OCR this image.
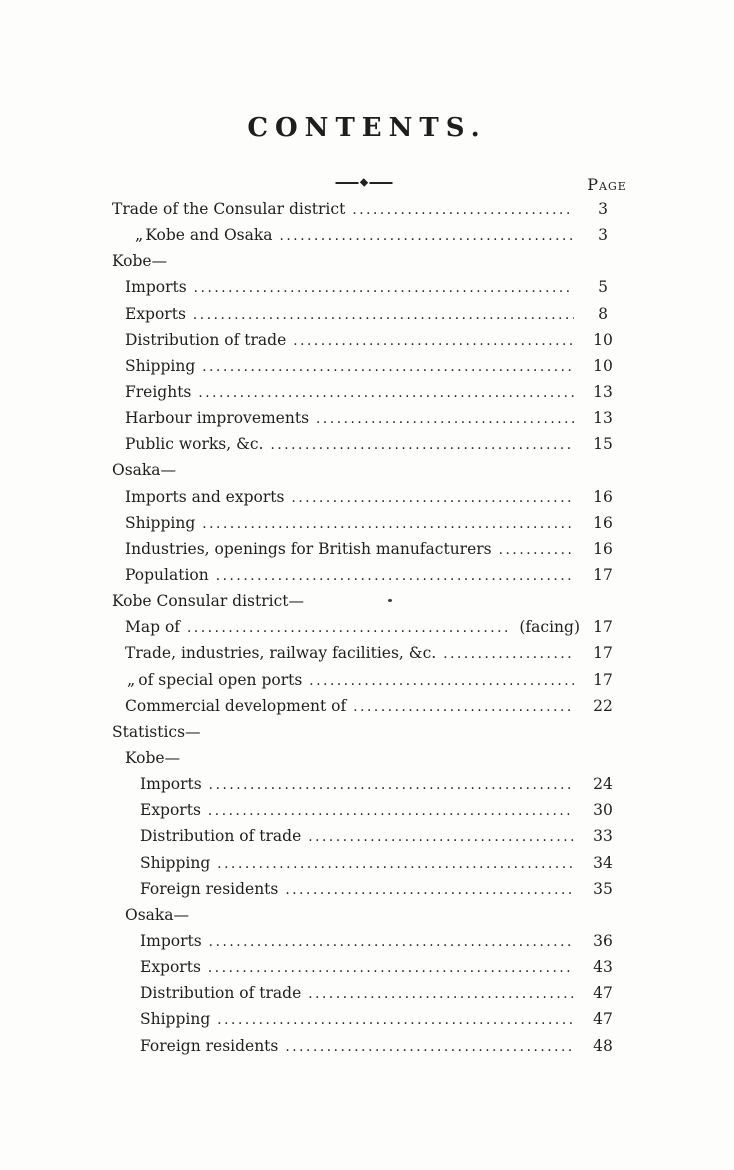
CONTENTS.
Page
Trade of the Consular district .....	3
„ Kobe and Osaka .....	3
Kobe—
Imports .....	5
Exports .....	8
Distribution of trade .....	10
Shipping .....	10
Freights .....	13
Harbour improvements .....	13
Public works, &c. .....	15
Osaka—
Imports and exports .....	16
Shipping .....	16
Industries, openings for British manufacturers .....	16
Population .....	17
Kobe Consular district—
Map of .....	(facing) 17
Trade, industries, railway facilities, &c. .....	17
„ of special open ports .....	17
Commercial development of .....	22
Statistics—
Kobe—
Imports .....	24
Exports .....	30
Distribution of trade .....	33
Shipping .....	34
Foreign residents .....	35
Osaka—
Imports .....	36
Exports .....	43
Distribution of trade .....	47
Shipping .....	47
Foreign residents .....	48
